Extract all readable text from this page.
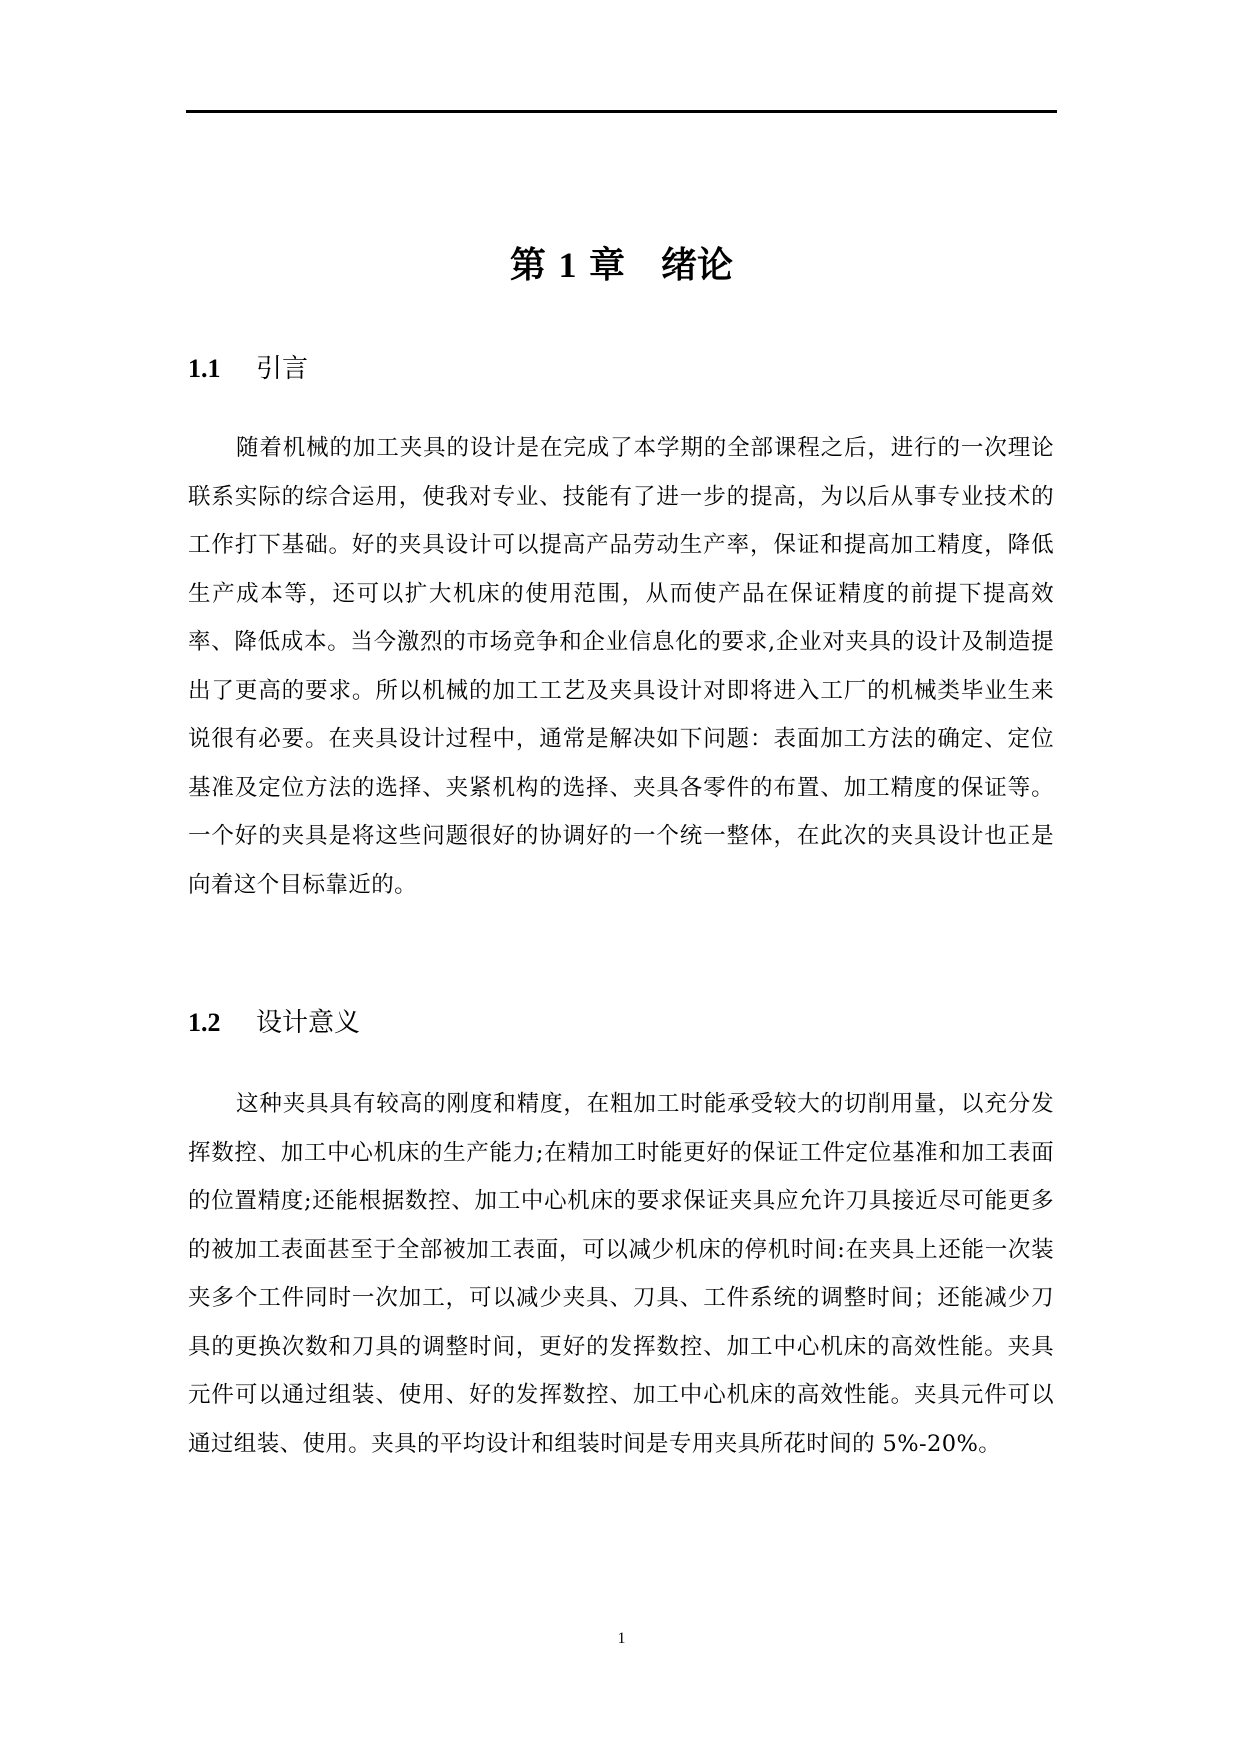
第 1 章 绪论
1.1 引言

随着机械的加工夹具的设计是在完成了本学期的全部课程之后，进行的一次理论联系实际的综合运用，使我对专业、技能有了进一步的提高，为以后从事专业技术的工作打下基础。好的夹具设计可以提高产品劳动生产率，保证和提高加工精度，降低生产成本等，还可以扩大机床的使用范围，从而使产品在保证精度的前提下提高效率、降低成本。当今激烈的市场竞争和企业信息化的要求,企业对夹具的设计及制造提出了更高的要求。所以机械的加工工艺及夹具设计对即将进入工厂的机械类毕业生来说很有必要。在夹具设计过程中，通常是解决如下问题：表面加工方法的确定、定位基准及定位方法的选择、夹紧机构的选择、夹具各零件的布置、加工精度的保证等。一个好的夹具是将这些问题很好的协调好的一个统一整体，在此次的夹具设计也正是向着这个目标靠近的。

1.2 设计意义

这种夹具具有较高的刚度和精度，在粗加工时能承受较大的切削用量，以充分发挥数控、加工中心机床的生产能力;在精加工时能更好的保证工件定位基准和加工表面的位置精度;还能根据数控、加工中心机床的要求保证夹具应允许刀具接近尽可能更多的被加工表面甚至于全部被加工表面，可以减少机床的停机时间:在夹具上还能一次装夹多个工件同时一次加工，可以减少夹具、刀具、工件系统的调整时间；还能减少刀具的更换次数和刀具的调整时间，更好的发挥数控、加工中心机床的高效性能。夹具元件可以通过组装、使用、好的发挥数控、加工中心机床的高效性能。夹具元件可以通过组装、使用。夹具的平均设计和组装时间是专用夹具所花时间的 5%-20%。

1
